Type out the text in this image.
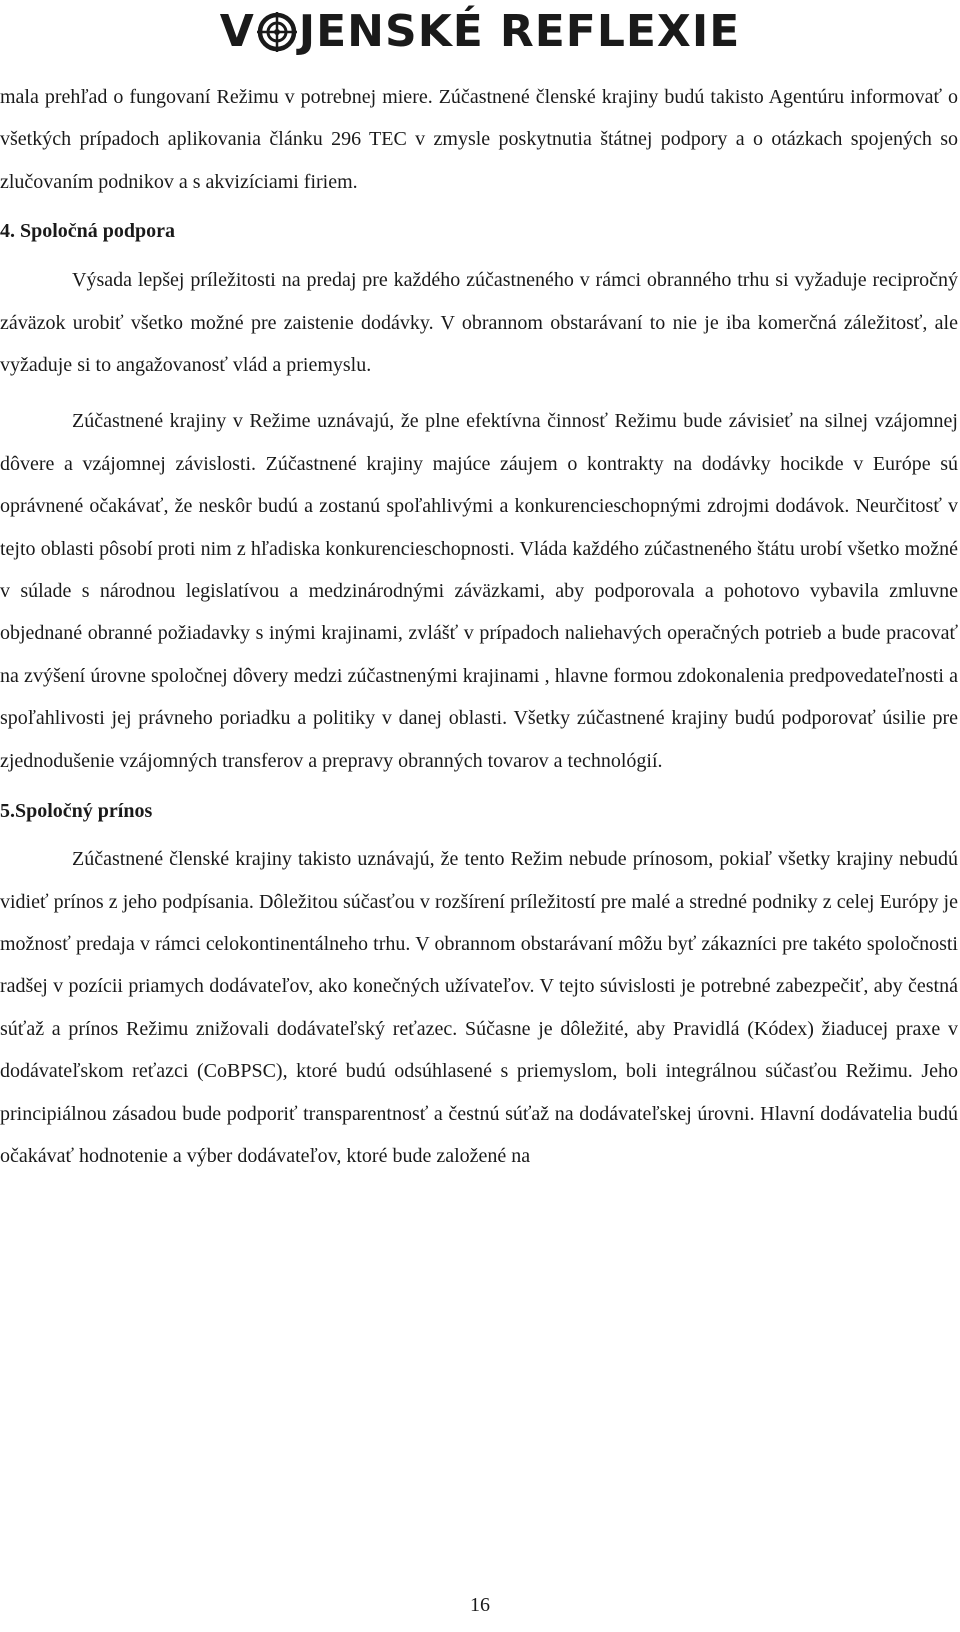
V JENSKÉ REFLEXIE

mala prehľad o fungovaní Režimu v potrebnej miere. Zúčastnené členské krajiny budú takisto Agentúru informovať o všetkých prípadoch aplikovania článku 296 TEC v zmysle poskytnutia štátnej podpory a o otázkach spojených so zlučovaním podnikov a s akvizíciami firiem.

4. Spoločná podpora

Výsada lepšej príležitosti na predaj pre každého zúčastneného v rámci obranného trhu si vyžaduje recipročný záväzok urobiť všetko možné pre zaistenie dodávky. V obrannom obstarávaní to nie je iba komerčná záležitosť, ale vyžaduje si to angažovanosť vlád a priemyslu.

Zúčastnené krajiny v Režime uznávajú, že plne efektívna činnosť Režimu bude závisieť na silnej vzájomnej dôvere a vzájomnej závislosti. Zúčastnené krajiny majúce záujem o kontrakty na dodávky hocikde v Európe sú oprávnené očakávať, že neskôr budú a zostanú spoľahlivými a konkurencieschopnými zdrojmi dodávok. Neurčitosť v tejto oblasti pôsobí proti nim z hľadiska konkurencieschopnosti. Vláda každého zúčastneného štátu urobí všetko možné v súlade s národnou legislatívou a medzinárodnými záväzkami, aby podporovala a pohotovo vybavila zmluvne objednané obranné požiadavky s inými krajinami, zvlášť v prípadoch naliehavých operačných potrieb a bude pracovať na zvýšení úrovne spoločnej dôvery medzi zúčastnenými krajinami , hlavne formou zdokonalenia predpovedateľnosti a spoľahlivosti jej právneho poriadku a politiky v danej oblasti. Všetky zúčastnené krajiny budú podporovať úsilie pre zjednodušenie vzájomných transferov a prepravy obranných tovarov a technológií.

5.Spoločný prínos

Zúčastnené členské krajiny takisto uznávajú, že tento Režim nebude prínosom, pokiaľ všetky krajiny nebudú vidieť prínos z jeho podpísania. Dôležitou súčasťou v rozšírení príležitostí pre malé a stredné podniky z celej Európy je možnosť predaja v rámci celokontinentálneho trhu. V obrannom obstarávaní môžu byť zákazníci pre takéto spoločnosti radšej v pozícii priamych dodávateľov, ako konečných užívateľov. V tejto súvislosti je potrebné zabezpečiť, aby čestná súťaž a prínos Režimu znižovali dodávateľský reťazec. Súčasne je dôležité, aby Pravidlá (Kódex) žiaducej praxe v dodávateľskom reťazci (CoBPSC), ktoré budú odsúhlasené s priemyslom, boli integrálnou súčasťou Režimu. Jeho principiálnou zásadou bude podporiť transparentnosť a čestnú súťaž na dodávateľskej úrovni. Hlavní dodávatelia budú očakávať hodnotenie a výber dodávateľov, ktoré bude založené na

16
